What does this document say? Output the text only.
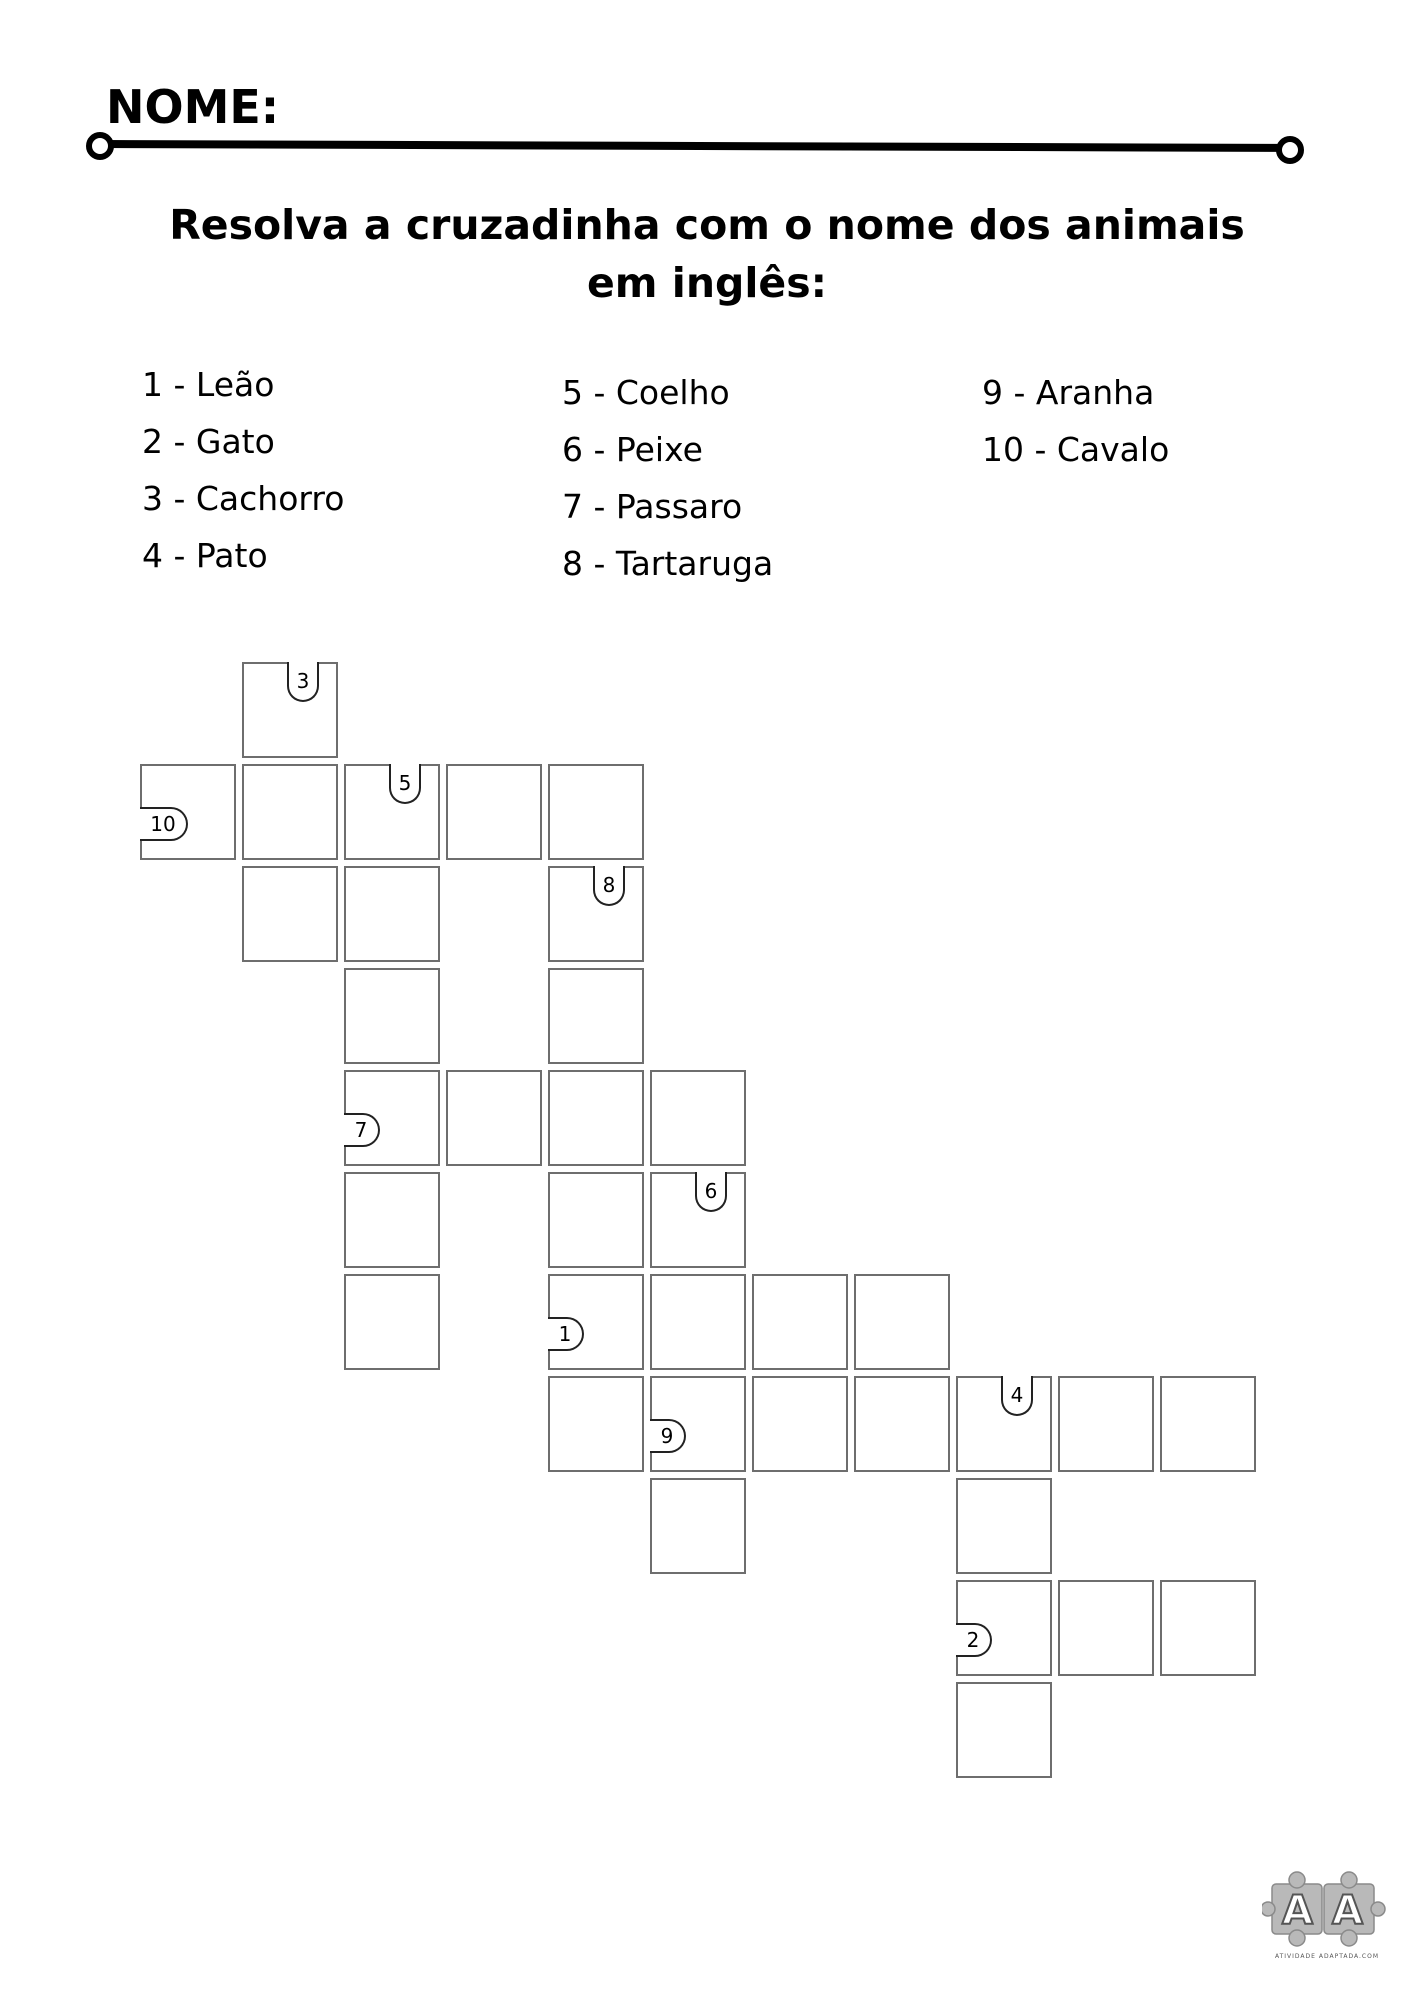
NOME:
Resolva a cruzadinha com o nome dos animais em inglês:
1 - Leão
2 - Gato
3 - Cachorro
4 - Pato
5 - Coelho
6 - Peixe
7 - Passaro
8 - Tartaruga
9 - Aranha
10 - Cavalo
3
10
5
8
7
6
1
9
4
2
A A
ATIVIDADE ADAPTADA.COM
